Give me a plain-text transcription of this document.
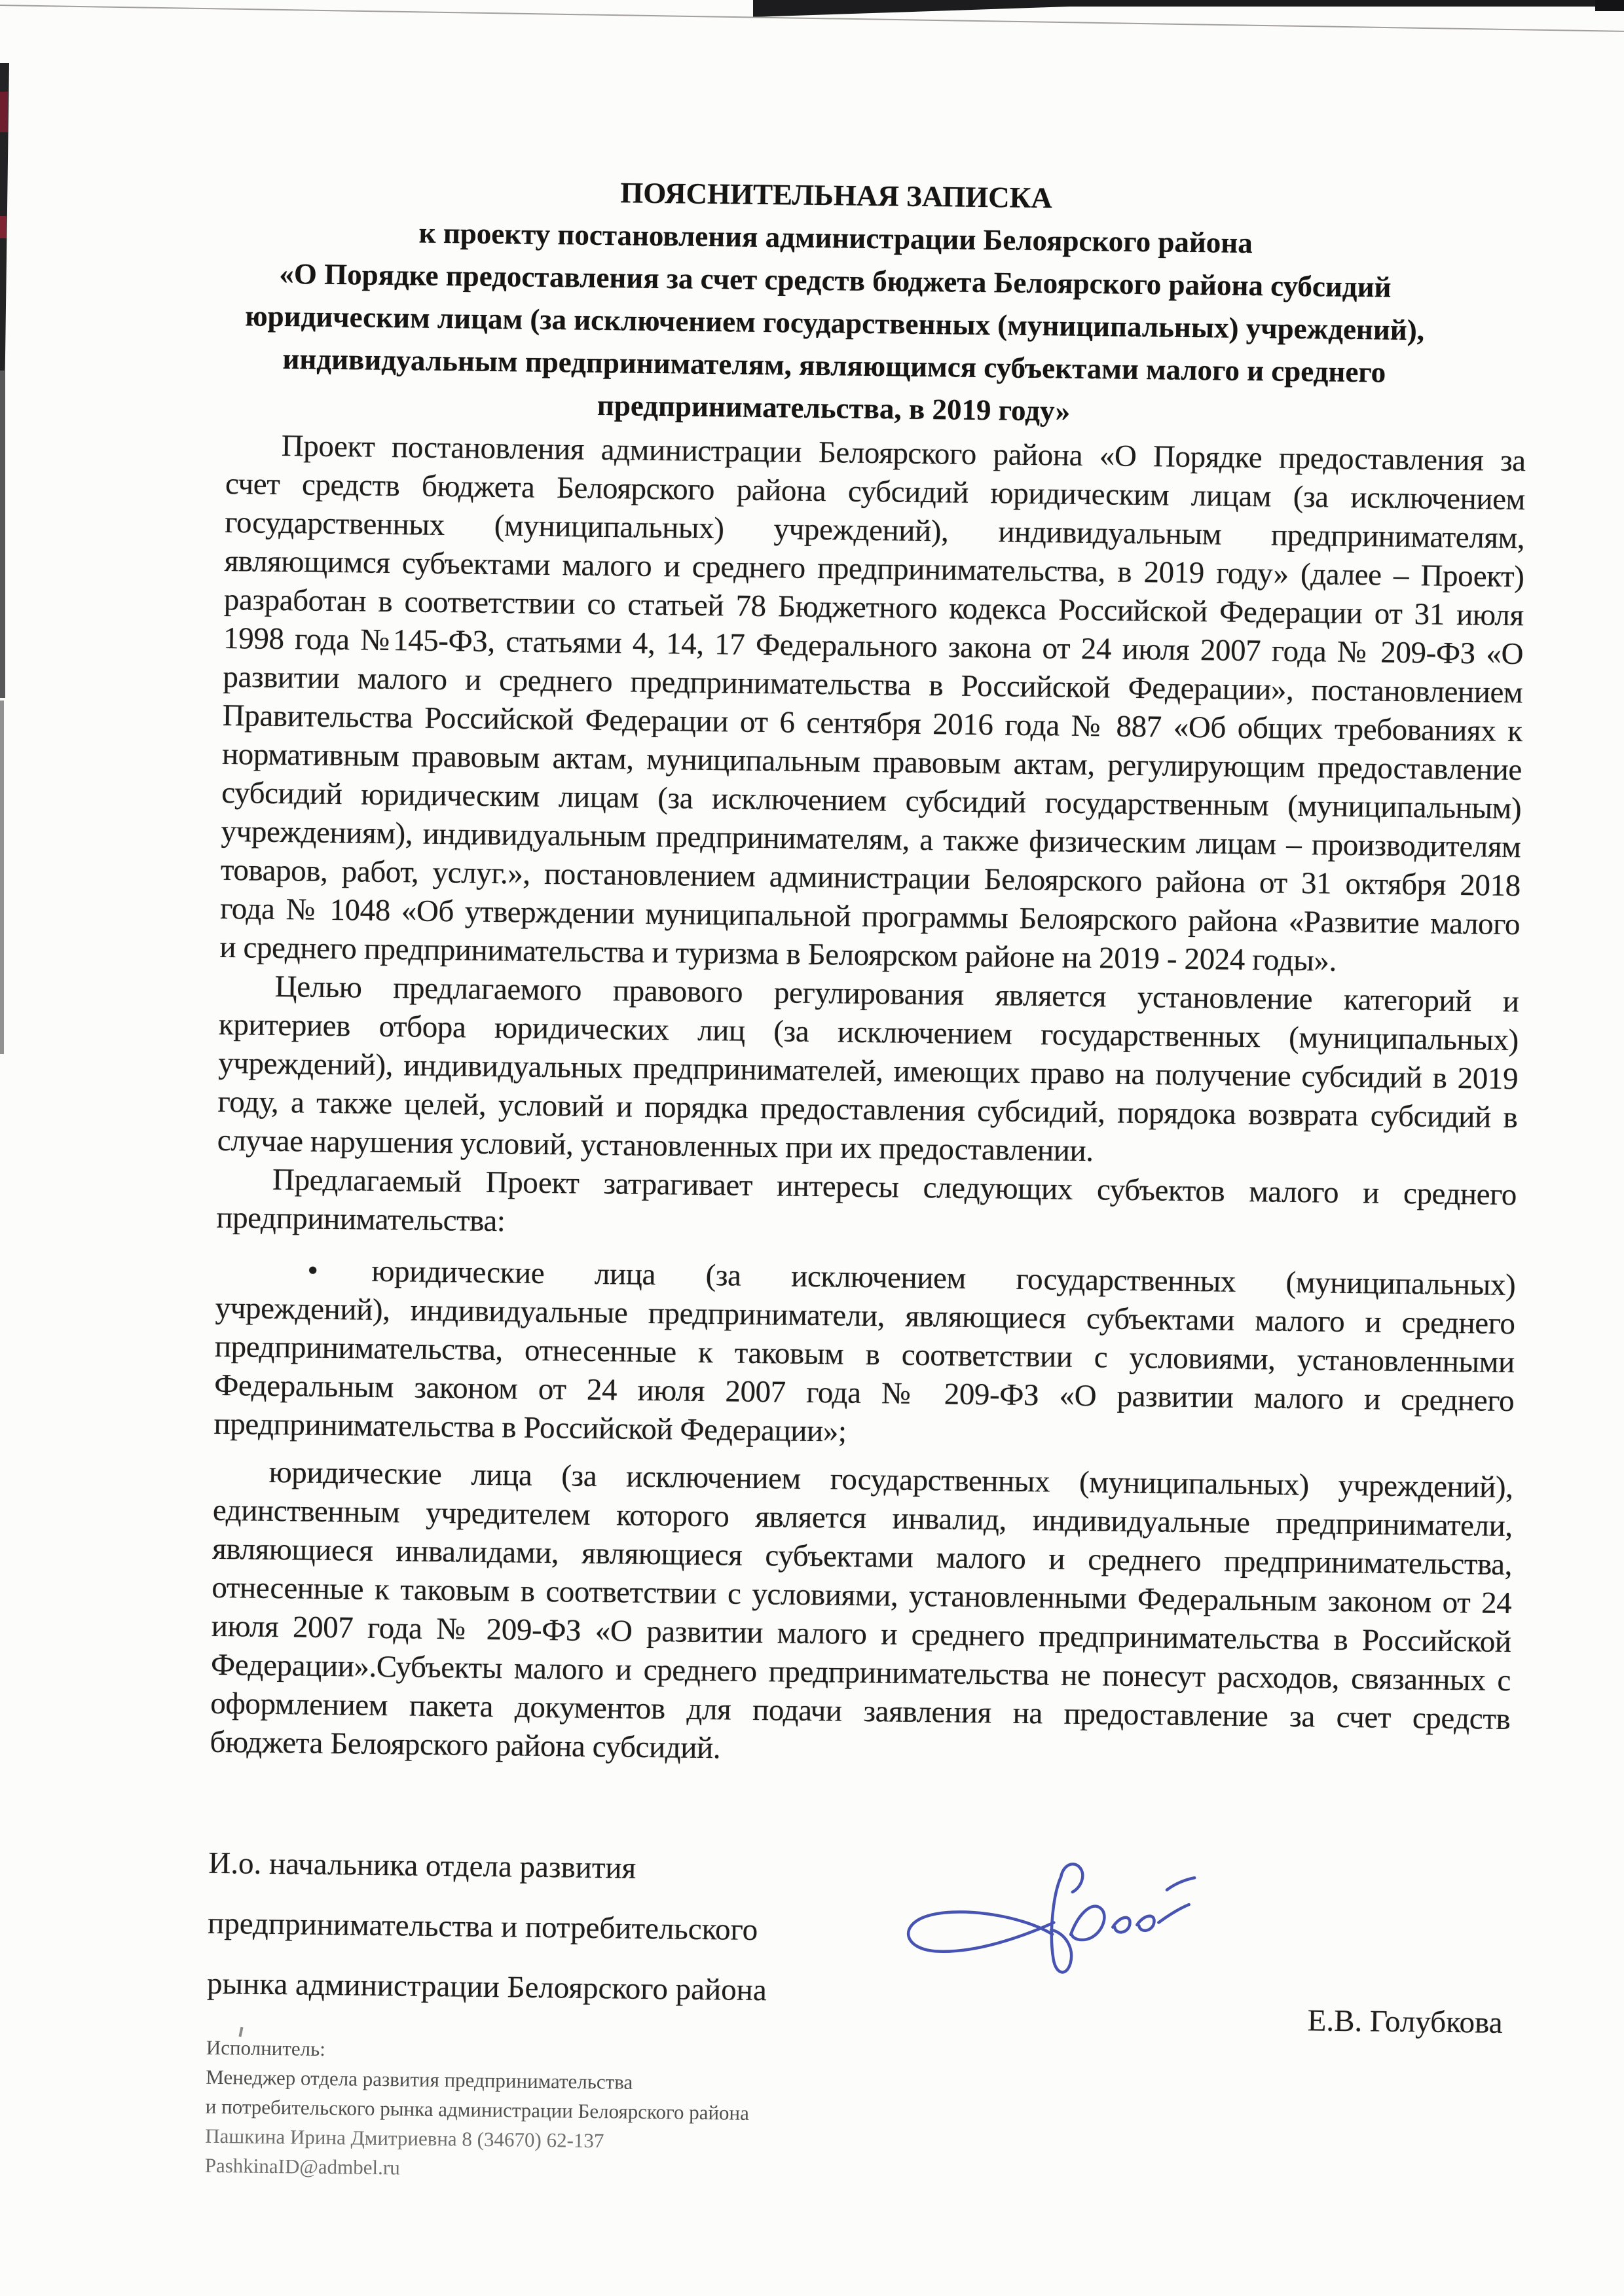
ПОЯСНИТЕЛЬНАЯ ЗАПИСКА
к проекту постановления администрации Белоярского района
«О Порядке предоставления за счет средств бюджета Белоярского района субсидий
юридическим лицам (за исключением государственных (муниципальных) учреждений),
индивидуальным предпринимателям, являющимся субъектами малого и среднего
предпринимательства, в 2019 году»
Проект постановления администрации Белоярского района «О Порядке предоставления за
счет средств бюджета Белоярского района субсидий юридическим лицам (за исключением
государственных (муниципальных) учреждений), индивидуальным предпринимателям,
являющимся субъектами малого и среднего предпринимательства, в 2019 году» (далее – Проект)
разработан в соответствии со статьей 78 Бюджетного кодекса Российской Федерации от 31 июля
1998 года №145-ФЗ, статьями 4, 14, 17 Федерального закона от 24 июля 2007 года № 209-ФЗ «О
развитии малого и среднего предпринимательства в Российской Федерации», постановлением
Правительства Российской Федерации от 6 сентября 2016 года № 887 «Об общих требованиях к
нормативным правовым актам, муниципальным правовым актам, регулирующим предоставление
субсидий юридическим лицам (за исключением субсидий государственным (муниципальным)
учреждениям), индивидуальным предпринимателям, а также физическим лицам – производителям
товаров, работ, услуг.», постановлением администрации Белоярского района от 31 октября 2018
года № 1048 «Об утверждении муниципальной программы Белоярского района «Развитие малого
и среднего предпринимательства и туризма в Белоярском районе на 2019 - 2024 годы».
Целью предлагаемого правового регулирования является установление категорий и
критериев отбора юридических лиц (за исключением государственных (муниципальных)
учреждений), индивидуальных предпринимателей, имеющих право на получение субсидий в 2019
году, а также целей, условий и порядка предоставления субсидий, порядока возврата субсидий в
случае нарушения условий, установленных при их предоставлении.
Предлагаемый Проект затрагивает интересы следующих субъектов малого и среднего
предпринимательства:
• юридические лица (за исключением государственных (муниципальных)
учреждений), индивидуальные предприниматели, являющиеся субъектами малого и среднего
предпринимательства, отнесенные к таковым в соответствии с условиями, установленными
Федеральным законом от 24 июля 2007 года № 209-ФЗ «О развитии малого и среднего
предпринимательства в Российской Федерации»;
юридические лица (за исключением государственных (муниципальных) учреждений),
единственным учредителем которого является инвалид, индивидуальные предприниматели,
являющиеся инвалидами, являющиеся субъектами малого и среднего предпринимательства,
отнесенные к таковым в соответствии с условиями, установленными Федеральным законом от 24
июля 2007 года № 209-ФЗ «О развитии малого и среднего предпринимательства в Российской
Федерации».Субъекты малого и среднего предпринимательства не понесут расходов, связанных с
оформлением пакета документов для подачи заявления на предоставление за счет средств
бюджета Белоярского района субсидий.
И.о. начальника отдела развития
предпринимательства и потребительского
рынка администрации Белоярского района
Е.В. Голубкова
Исполнитель:
Менеджер отдела развития предпринимательства
и потребительского рынка администрации Белоярского района
Пашкина Ирина Дмитриевна 8 (34670) 62-137
PashkinaID@admbel.ru
